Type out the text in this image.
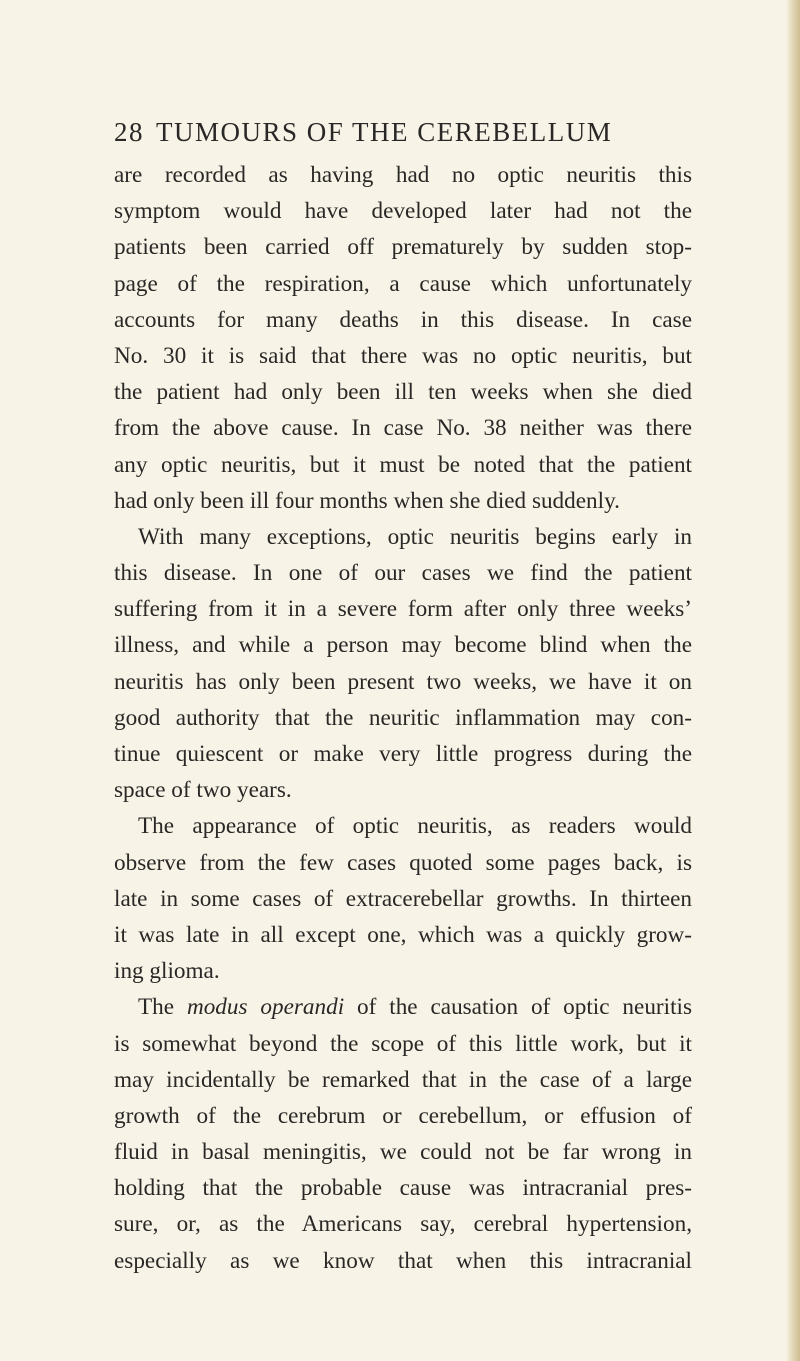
28 TUMOURS OF THE CEREBELLUM
are recorded as having had no optic neuritis this
symptom would have developed later had not the
patients been carried off prematurely by sudden stop-
page of the respiration, a cause which unfortunately
accounts for many deaths in this disease. In case
No. 30 it is said that there was no optic neuritis, but
the patient had only been ill ten weeks when she died
from the above cause. In case No. 38 neither was there
any optic neuritis, but it must be noted that the patient
had only been ill four months when she died suddenly.
With many exceptions, optic neuritis begins early in
this disease. In one of our cases we find the patient
suffering from it in a severe form after only three weeks’
illness, and while a person may become blind when the
neuritis has only been present two weeks, we have it on
good authority that the neuritic inflammation may con-
tinue quiescent or make very little progress during the
space of two years.
The appearance of optic neuritis, as readers would
observe from the few cases quoted some pages back, is
late in some cases of extracerebellar growths. In thirteen
it was late in all except one, which was a quickly grow-
ing glioma.
The modus operandi of the causation of optic neuritis
is somewhat beyond the scope of this little work, but it
may incidentally be remarked that in the case of a large
growth of the cerebrum or cerebellum, or effusion of
fluid in basal meningitis, we could not be far wrong in
holding that the probable cause was intracranial pres-
sure, or, as the Americans say, cerebral hypertension,
especially as we know that when this intracranial
